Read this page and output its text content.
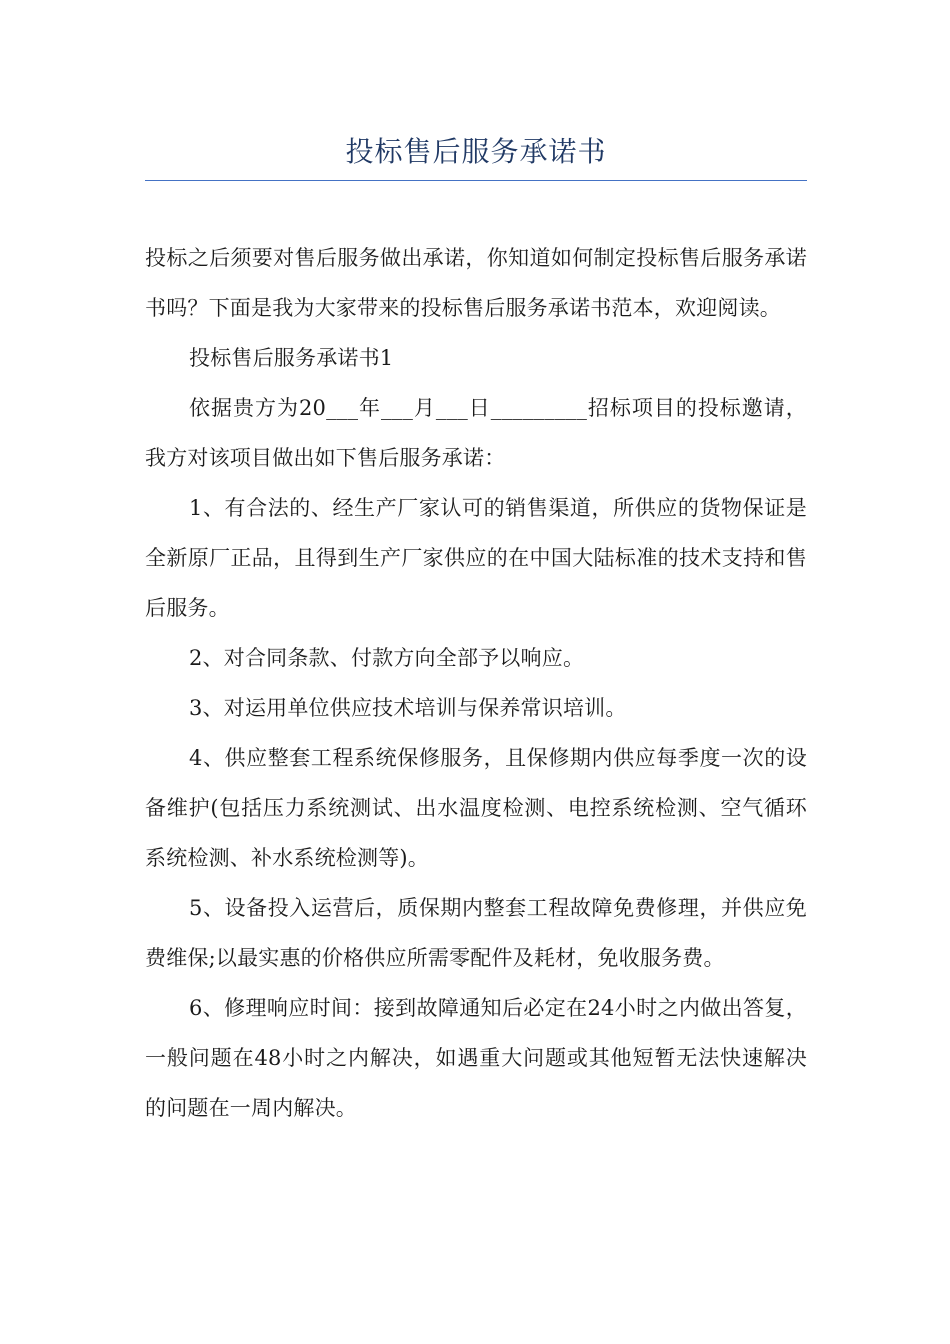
投标售后服务承诺书

投标之后须要对售后服务做出承诺，你知道如何制定投标售后服务承诺书吗？下面是我为大家带来的投标售后服务承诺书范本，欢迎阅读。

投标售后服务承诺书1

依据贵方为20___年___月___日_________招标项目的投标邀请，我方对该项目做出如下售后服务承诺：

1、有合法的、经生产厂家认可的销售渠道，所供应的货物保证是全新原厂正品，且得到生产厂家供应的在中国大陆标准的技术支持和售后服务。

2、对合同条款、付款方向全部予以响应。

3、对运用单位供应技术培训与保养常识培训。

4、供应整套工程系统保修服务，且保修期内供应每季度一次的设备维护(包括压力系统测试、出水温度检测、电控系统检测、空气循环系统检测、补水系统检测等)。

5、设备投入运营后，质保期内整套工程故障免费修理，并供应免费维保;以最实惠的价格供应所需零配件及耗材，免收服务费。

6、修理响应时间：接到故障通知后必定在24小时之内做出答复，一般问题在48小时之内解决，如遇重大问题或其他短暂无法快速解决的问题在一周内解决。
